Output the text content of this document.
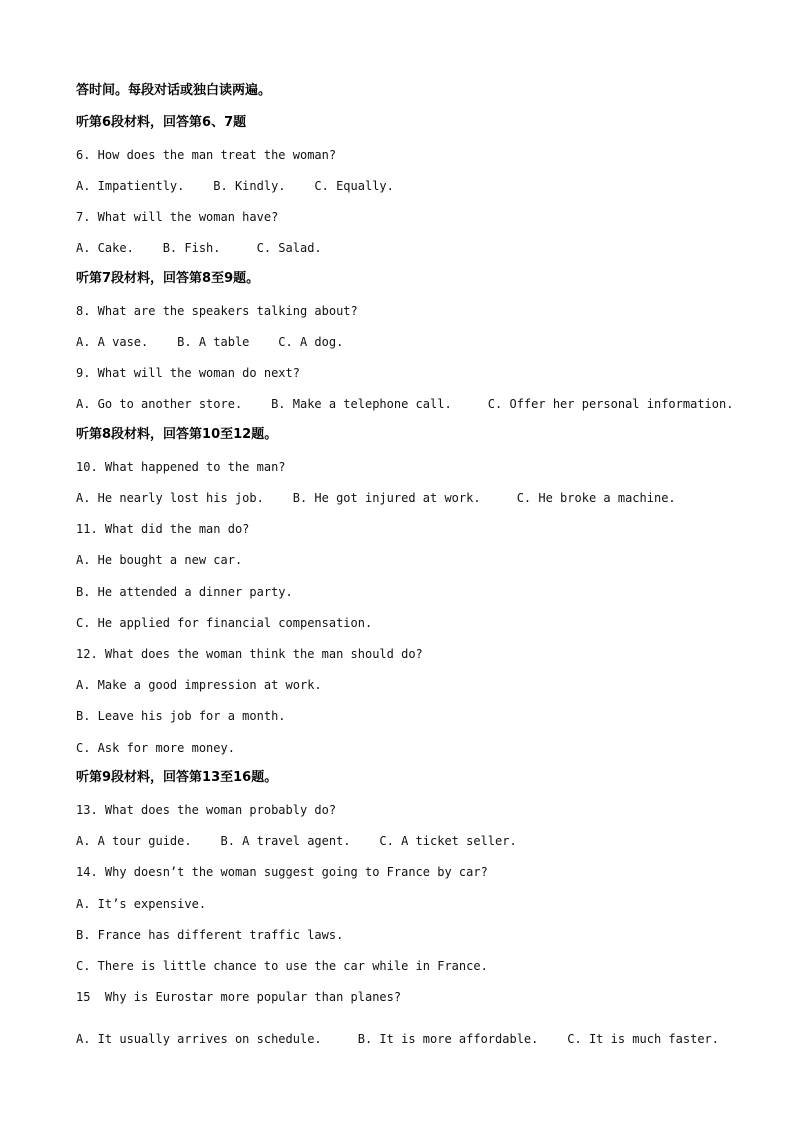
答时间。每段对话或独白读两遍。
听第6段材料，回答第6、7题
6. How does the man treat the woman?
A. Impatiently.    B. Kindly.    C. Equally.
7. What will the woman have?
A. Cake.    B. Fish.     C. Salad.
听第7段材料，回答第8至9题。
8. What are the speakers talking about?
A. A vase.    B. A table    C. A dog.
9. What will the woman do next?
A. Go to another store.    B. Make a telephone call.     C. Offer her personal information.
听第8段材料，回答第10至12题。
10. What happened to the man?
A. He nearly lost his job.    B. He got injured at work.     C. He broke a machine.
11. What did the man do?
A. He bought a new car.
B. He attended a dinner party.
C. He applied for financial compensation.
12. What does the woman think the man should do?
A. Make a good impression at work.
B. Leave his job for a month.
C. Ask for more money.
听第9段材料，回答第13至16题。
13. What does the woman probably do?
A. A tour guide.    B. A travel agent.    C. A ticket seller.
14. Why doesn’t the woman suggest going to France by car?
A. It’s expensive.
B. France has different traffic laws.
C. There is little chance to use the car while in France.
15  Why is Eurostar more popular than planes?
A. It usually arrives on schedule.     B. It is more affordable.    C. It is much faster.
